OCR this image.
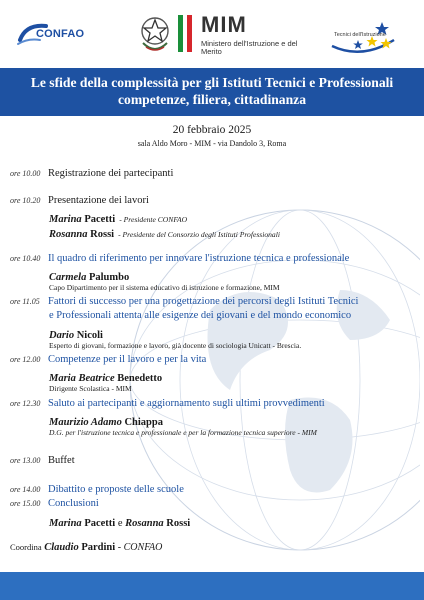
CONFAO	MIM
Ministero dell'Istruzione e del Merito
Tecnici dell'Istruzione
Le sfide della complessità per gli Istituti Tecnici e Professionali
competenze, filiera, cittadinanza
20 febbraio 2025
sala Aldo Moro - MIM - via Dandolo 3, Roma
ore 10.00 Registrazione dei partecipanti
ore 10.20 Presentazione dei lavori
Marina Pacetti - Presidente CONFAO
Rosanna Rossi - Presidente del Consorzio degli Istituti Professionali
ore 10.40 Il quadro di riferimento per innovare l'istruzione tecnica e professionale
Carmela Palumbo
Capo Dipartimento per il sistema educativo di istruzione e formazione, MIM
ore 11.05 Fattori di successo per una progettazione dei percorsi degli Istituti Tecnici
e Professionali attenta alle esigenze dei giovani e del mondo economico
Dario Nicoli
Esperto di giovani, formazione e lavoro, già docente di sociologia Unicatt - Brescia.
ore 12.00 Competenze per il lavoro e per la vita
Maria Beatrice Benedetto
Dirigente Scolastica - MIM
ore 12.30 Saluto ai partecipanti e aggiornamento sugli ultimi provvedimenti
Maurizio Adamo Chiappa
D.G. per l'istruzione tecnica e professionale e per la formazione tecnica superiore - MIM
ore 13.00 Buffet
ore 14.00 Dibattito e proposte delle scuole
ore 15.00 Conclusioni
Marina Pacetti e Rosanna Rossi
Coordina Claudio Pardini - CONFAO
